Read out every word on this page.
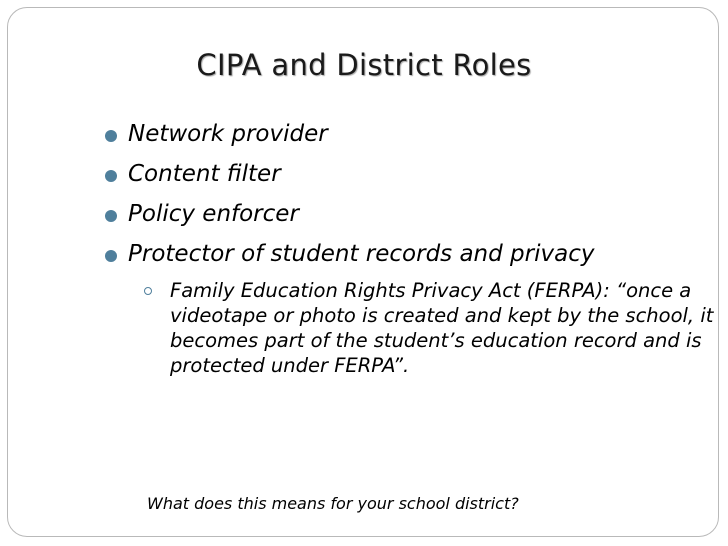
CIPA and District Roles
Network provider
Content filter
Policy enforcer
Protector of student records and privacy
Family Education Rights Privacy Act (FERPA): “once a videotape or photo is created and kept by the school, it becomes part of the student’s education record and is protected under FERPA”.
What does this means for your school district?
